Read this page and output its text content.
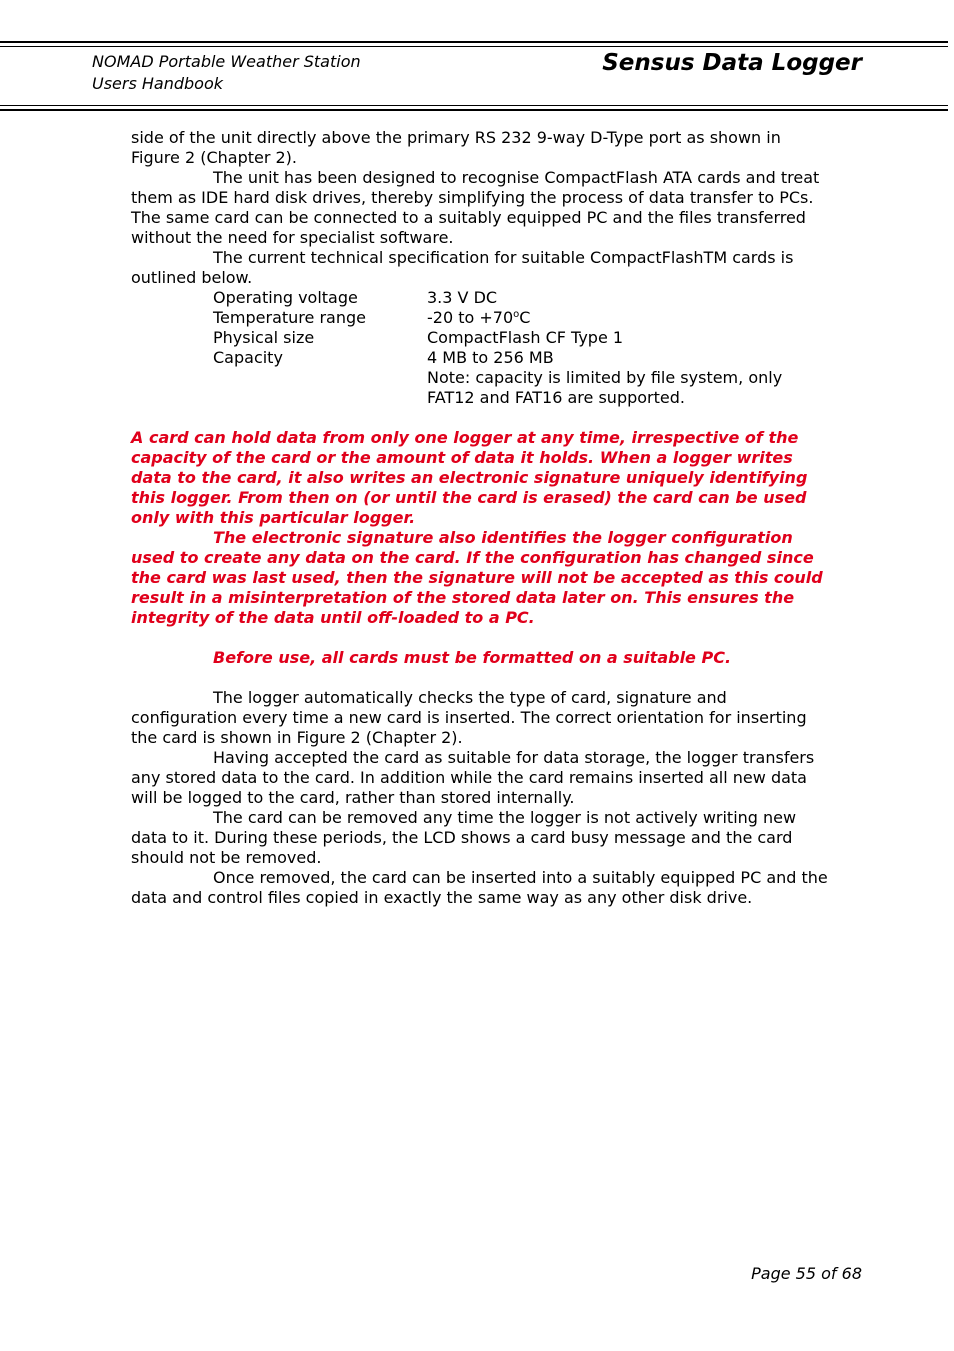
NOMAD Portable Weather Station
Users Handbook
Sensus Data Logger

side of the unit directly above the primary RS 232 9-way D-Type port as shown in Figure 2 (Chapter 2).

The unit has been designed to recognise CompactFlash ATA cards and treat them as IDE hard disk drives, thereby simplifying the process of data transfer to PCs. The same card can be connected to a suitably equipped PC and the files transferred without the need for specialist software.

The current technical specification for suitable CompactFlashTM cards is outlined below.

Operating voltage	3.3 V DC
Temperature range	-20 to $+70^oC$
Physical size	CompactFlash CF Type 1
Capacity	4 MB to 256 MB
Note: capacity is limited by file system, only FAT12 and FAT16 are supported.

A card can hold data from only one logger at any time, irrespective of the capacity of the card or the amount of data it holds. When a logger writes data to the card, it also writes an electronic signature uniquely identifying this logger. From then on (or until the card is erased) the card can be used only with this particular logger.

The electronic signature also identifies the logger configuration used to create any data on the card. If the configuration has changed since the card was last used, then the signature will not be accepted as this could result in a misinterpretation of the stored data later on. This ensures the integrity of the data until off-loaded to a PC.

Before use, all cards must be formatted on a suitable PC.

The logger automatically checks the type of card, signature and configuration every time a new card is inserted. The correct orientation for inserting the card is shown in Figure 2 (Chapter 2).

Having accepted the card as suitable for data storage, the logger transfers any stored data to the card. In addition while the card remains inserted all new data will be logged to the card, rather than stored internally.

The card can be removed any time the logger is not actively writing new data to it. During these periods, the LCD shows a card busy message and the card should not be removed.

Once removed, the card can be inserted into a suitably equipped PC and the data and control files copied in exactly the same way as any other disk drive.

Page 55 of 68
